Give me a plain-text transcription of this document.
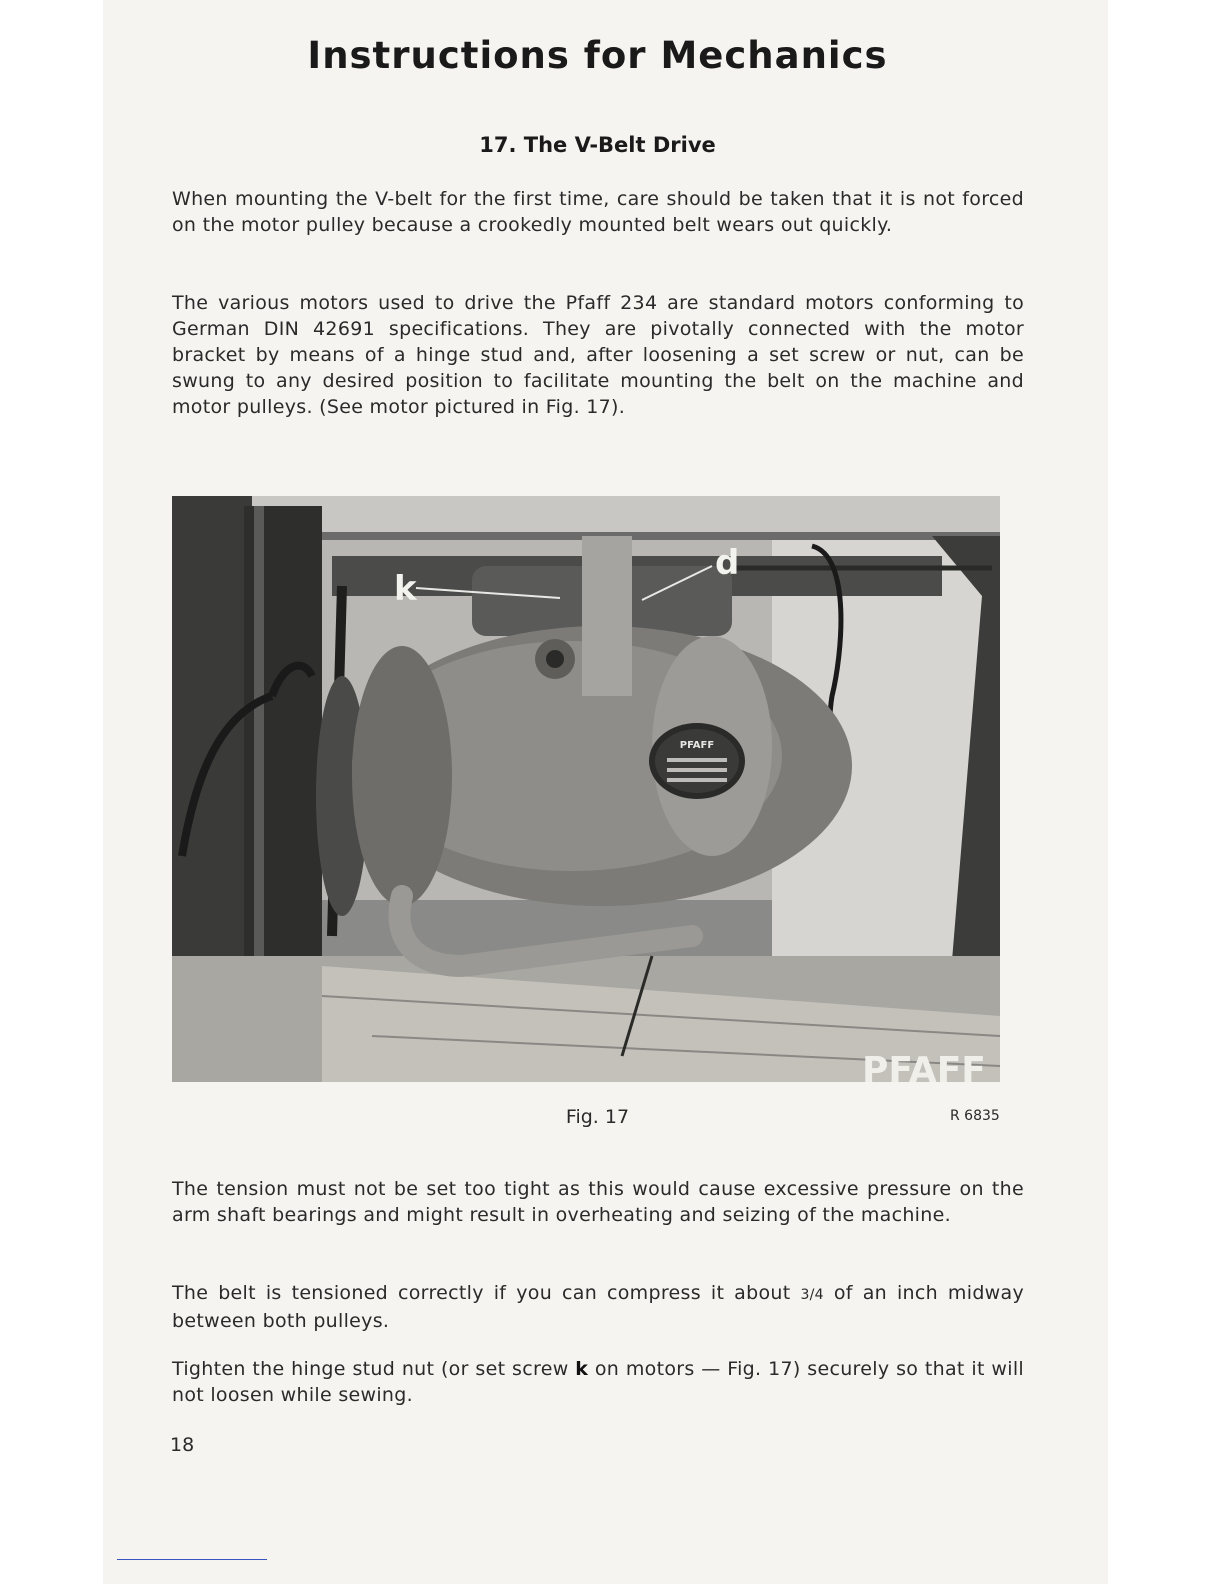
Instructions for Mechanics
17. The V-Belt Drive

When mounting the V-belt for the first time, care should be taken that it is not forced on the motor pulley because a crookedly mounted belt wears out quickly.

The various motors used to drive the Pfaff 234 are standard motors conforming to German DIN 42691 specifications. They are pivotally connected with the motor bracket by means of a hinge stud and, after loosening a set screw or nut, can be swung to any desired position to facilitate mounting the belt on the machine and motor pulleys. (See motor pictured in Fig. 17).

PFAFF
k
d
PFAFF

Fig. 17	R 6835

The tension must not be set too tight as this would cause excessive pressure on the arm shaft bearings and might result in overheating and seizing of the machine.

The belt is tensioned correctly if you can compress it about 3/4 of an inch midway between both pulleys.

Tighten the hinge stud nut (or set screw k on motors — Fig. 17) securely so that it will not loosen while sewing.

18
